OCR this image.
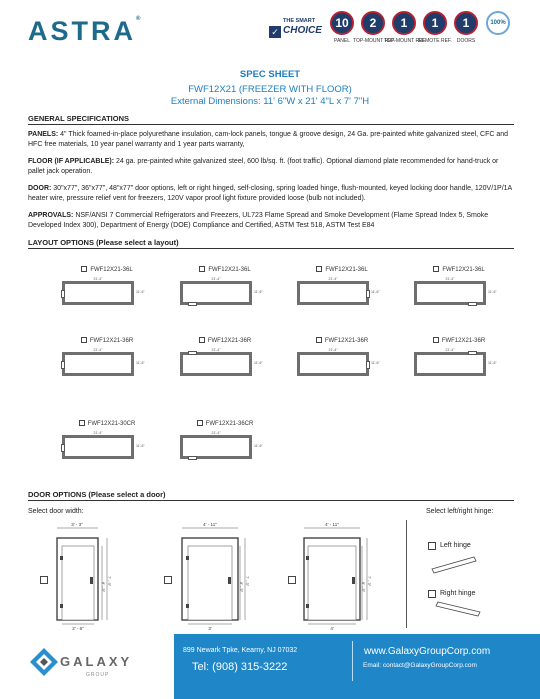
ASTRA®
✓
THE SMART
CHOICE
10
PANEL
2
TOP-MOUNT REF.
1
TOP-MOUNT REF.
1
REMOTE REF.
1
DOORS
100%
SPEC SHEET
FWF12X21 (FREEZER WITH FLOOR)
External Dimensions: 11' 6"W x 21' 4"L x 7' 7"H
GENERAL SPECIFICATIONS
PANELS: 4" Thick foamed-in-place polyurethane insulation, cam-lock panels, tongue & groove design, 24 Ga. pre-painted white galvanized steel, CFC and HFC free materials, 10 year panel warranty and 1 year parts warranty,
FLOOR (IF APPLICABLE): 24 ga. pre-painted white galvanized steel, 600 lb/sq. ft. (foot traffic). Optional diamond plate recommended for hand-truck or pallet jack operation.
DOOR: 30"x77", 36"x77", 48"x77" door options, left or right hinged, self-closing, spring loaded hinge, flush-mounted, keyed locking door handle, 120V/1P/1A heater wire, pressure relief vent for freezers, 120V vapor proof light fixture provided loose (bulb not included).
APPROVALS: NSF/ANSI 7 Commercial Refrigerators and Freezers, UL723 Flame Spread and Smoke Development (Flame Spread Index 5, Smoke Developed Index 300), Department of Energy (DOE) Compliance and Certified, ASTM Test 518, ASTM Test E84
LAYOUT OPTIONS (Please select a layout)
FWF12X21-36L
21'-4"
11'-6"
FWF12X21-36L
21'-4"
11'-6"
FWF12X21-36L
21'-4"
11'-6"
FWF12X21-36L
21'-4"
11'-6"
FWF12X21-36R
21'-4"
11'-6"
FWF12X21-36R
21'-4"
11'-6"
FWF12X21-36R
21'-4"
11'-6"
FWF12X21-36R
21'-4"
11'-6"
FWF12X21-30CR
21'-4"
11'-6"
FWF12X21-36CR
21'-4"
11'-6"
DOOR OPTIONS (Please select a door)
Select door width:	Select left/right hinge:
3' - 3"
6' - 5"
7' - 3"
2' - 6"
4' - 11"
6' - 5"
7' - 3"
3'
4' - 11"
6' - 5"
7' - 3"
4'
Left hinge
Right hinge
GALAXY
GROUP
899 Newark Tpke, Kearny, NJ 07032
Tel: (908) 315-3222
www.GalaxyGroupCorp.com
Email: contact@GalaxyGroupCorp.com
